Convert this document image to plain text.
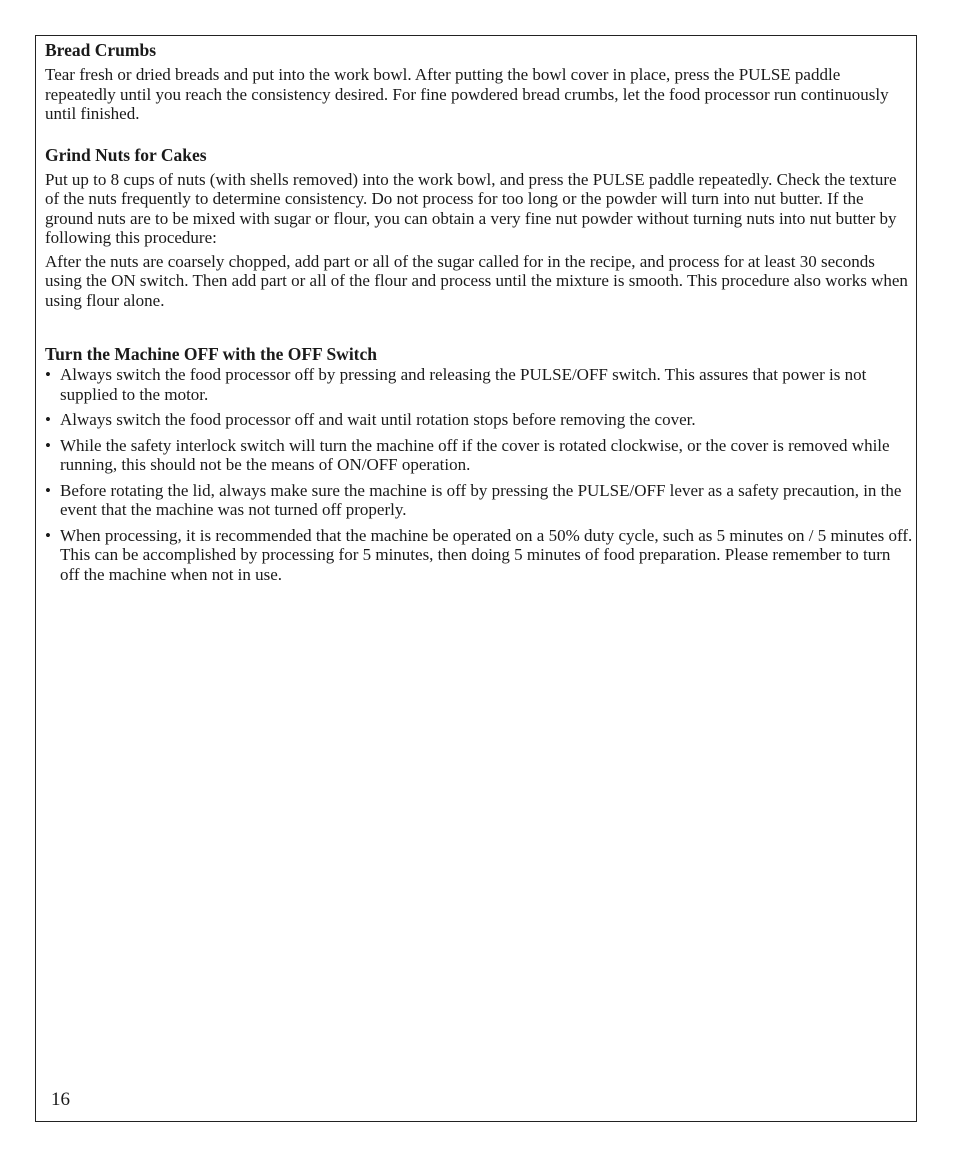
Bread Crumbs

Tear fresh or dried breads and put into the work bowl. After putting the bowl cover in place, press the PULSE paddle repeatedly until you reach the consistency desired. For fine powdered bread crumbs, let the food processor run continuously until finished.

Grind Nuts for Cakes

Put up to 8 cups of nuts (with shells removed) into the work bowl, and press the PULSE paddle repeatedly. Check the texture of the nuts frequently to determine consistency. Do not process for too long or the powder will turn into nut butter. If the ground nuts are to be mixed with sugar or flour, you can obtain a very fine nut powder without turning nuts into nut butter by following this procedure:

After the nuts are coarsely chopped, add part or all of the sugar called for in the recipe, and process for at least 30 seconds using the ON switch. Then add part or all of the flour and process until the mixture is smooth. This procedure also works when using flour alone.

Turn the Machine OFF with the OFF Switch
• Always switch the food processor off by pressing and releasing the PULSE/OFF switch. This assures that power is not supplied to the motor.
• Always switch the food processor off and wait until rotation stops before removing the cover.
• While the safety interlock switch will turn the machine off if the cover is rotated clockwise, or the cover is removed while running, this should not be the means of ON/OFF operation.
• Before rotating the lid, always make sure the machine is off by pressing the PULSE/OFF lever as a safety precaution, in the event that the machine was not turned off properly.
• When processing, it is recommended that the machine be operated on a 50% duty cycle, such as 5 minutes on / 5 minutes off. This can be accomplished by processing for 5 minutes, then doing 5 minutes of food preparation. Please remember to turn off the machine when not in use.
16
